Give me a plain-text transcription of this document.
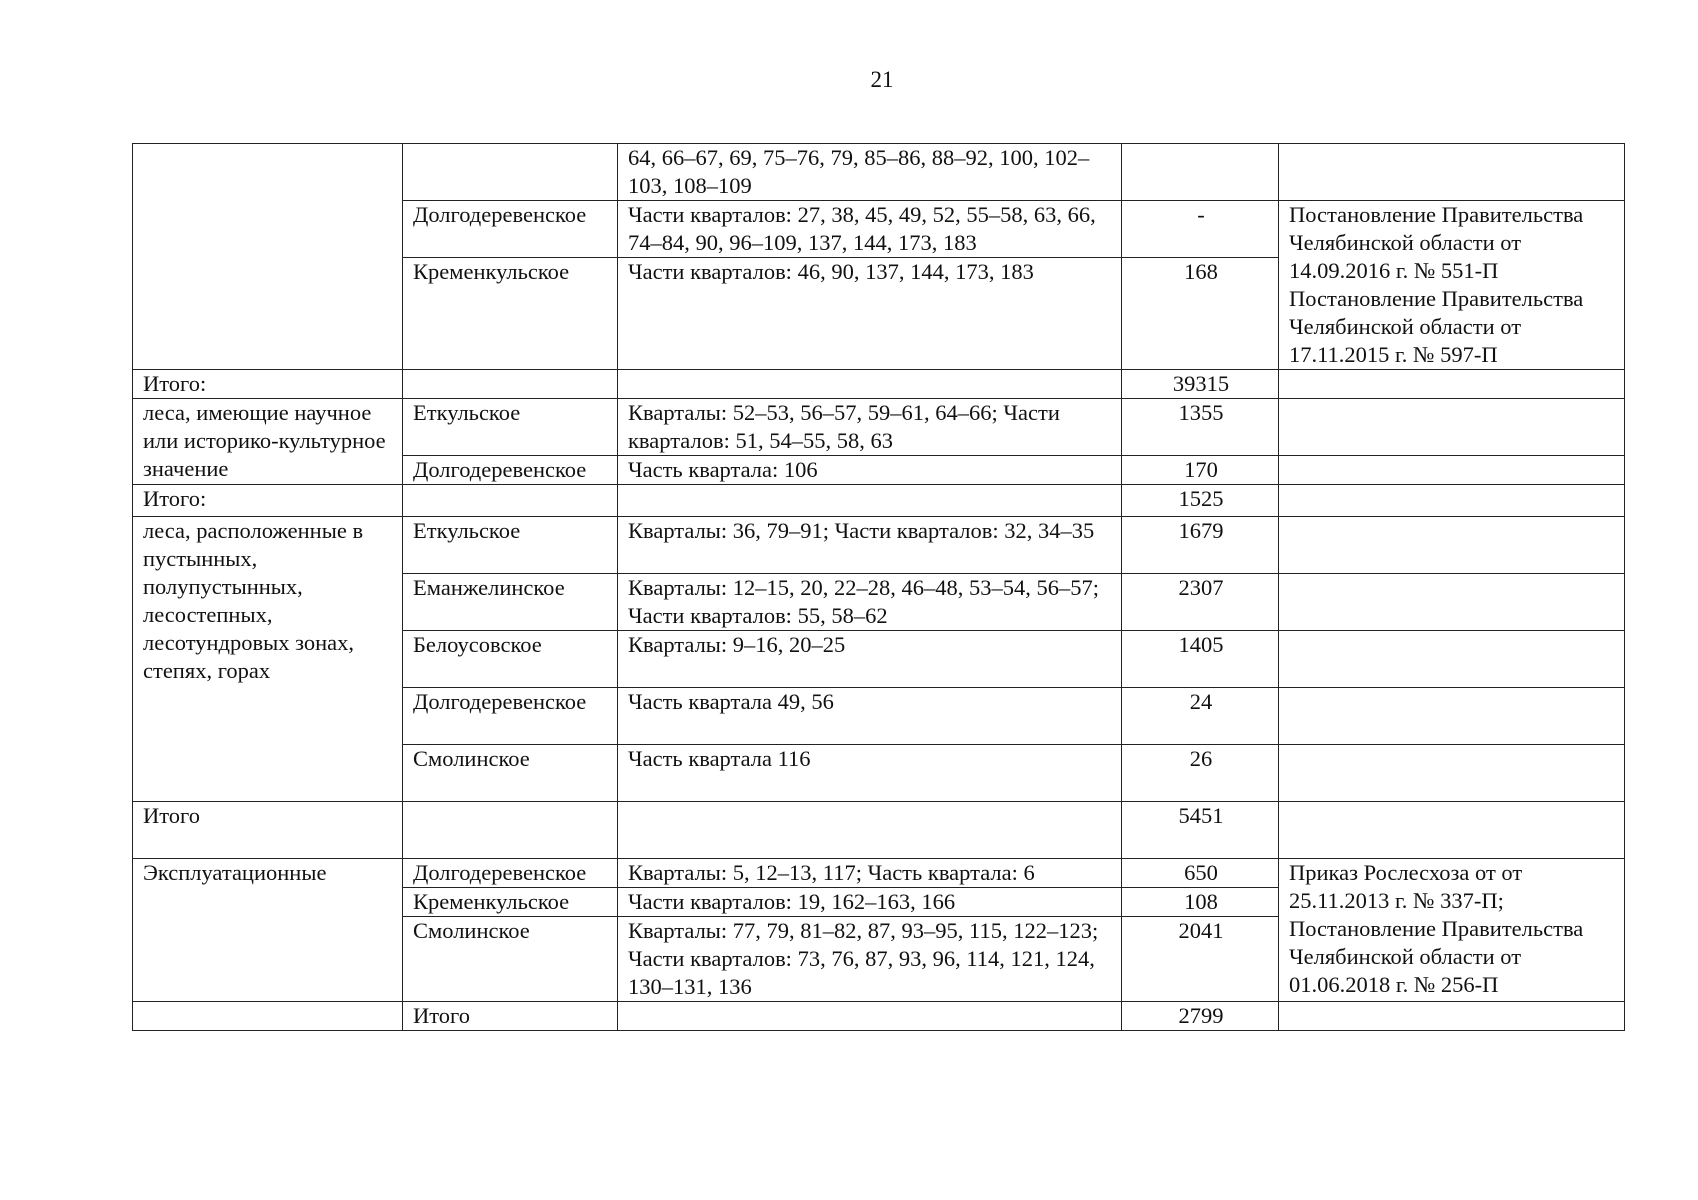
21
		64, 66–67, 69, 75–76, 79, 85–86, 88–92, 100, 102–103, 108–109		
	Долгодеревенское	Части кварталов: 27, 38, 45, 49, 52, 55–58, 63, 66, 74–84, 90, 96–109, 137, 144, 173, 183	-	Постановление Правительства Челябинской области от 14.09.2016 г. № 551-П Постановление Правительства Челябинской области от 17.11.2015 г. № 597-П
	Кременкульское	Части кварталов: 46, 90, 137, 144, 173, 183	168	
Итого:			39315	
леса, имеющие научное или историко-культурное значение	Еткульское	Кварталы: 52–53, 56–57, 59–61, 64–66; Части кварталов: 51, 54–55, 58, 63	1355	
	Долгодеревенское	Часть квартала: 106	170	
Итого:			1525	
леса, расположенные в пустынных, полупустынных, лесостепных, лесотундровых зонах, степях, горах	Еткульское	Кварталы: 36, 79–91; Части кварталов: 32, 34–35	1679	
	Еманжелинское	Кварталы: 12–15, 20, 22–28, 46–48, 53–54, 56–57; Части кварталов: 55, 58–62	2307	
	Белоусовское	Кварталы: 9–16, 20–25	1405	
	Долгодеревенское	Часть квартала 49, 56	24	
	Смолинское	Часть квартала 116	26	
Итого			5451	
Эксплуатационные	Долгодеревенское	Кварталы: 5, 12–13, 117; Часть квартала: 6	650	Приказ Рослесхоза от от 25.11.2013 г. № 337-П; Постановление Правительства Челябинской области от 01.06.2018 г. № 256-П
	Кременкульское	Части кварталов: 19, 162–163, 166	108	
	Смолинское	Кварталы: 77, 79, 81–82, 87, 93–95, 115, 122–123; Части кварталов: 73, 76, 87, 93, 96, 114, 121, 124, 130–131, 136	2041	
	Итого		2799	
